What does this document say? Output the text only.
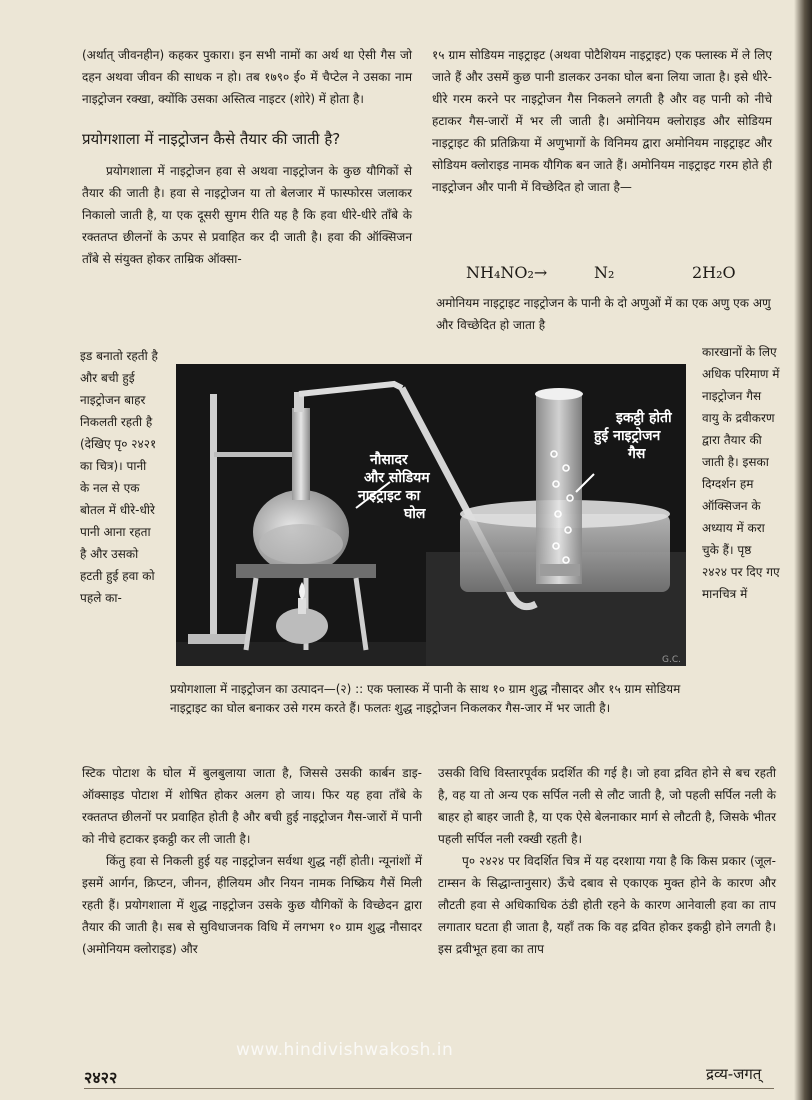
(अर्थात् जीवनहीन) कहकर पुकारा। इन सभी नामों का अर्थ था ऐसी गैस जो दहन अथवा जीवन की साधक न हो। तब १७९० ई० में चैप्टेल ने उसका नाम नाइट्रोजन रक्खा, क्योंकि उसका अस्तित्व नाइटर (शोरे) में होता है।

प्रयोगशाला में नाइट्रोजन कैसे तैयार की जाती है?

प्रयोगशाला में नाइट्रोजन हवा से अथवा नाइट्रोजन के कुछ यौगिकों से तैयार की जाती है। हवा से नाइट्रोजन या तो बेलजार में फास्फोरस जलाकर निकालो जाती है, या एक दूसरी सुगम रीति यह है कि हवा धीरे-धीरे ताँबे के रक्ततप्त छीलनों के ऊपर से प्रवाहित कर दी जाती है। हवा की ऑक्सिजन ताँबे से संयुक्त होकर ताम्रिक ऑक्सा-

१५ ग्राम सोडियम नाइट्राइट (अथवा पोटैशियम नाइट्राइट) एक फ्लास्क में ले लिए जाते हैं और उसमें कुछ पानी डालकर उनका घोल बना लिया जाता है। इसे धीरे-धीरे गरम करने पर नाइट्रोजन गैस निकलने लगती है और वह पानी को नीचे हटाकर गैस-जारों में भर ली जाती है। अमोनियम क्लोराइड और सोडियम नाइट्राइट की प्रतिक्रिया में अणुभागों के विनिमय द्वारा अमोनियम नाइट्राइट और सोडियम क्लोराइड नामक यौगिक बन जाते हैं। अमोनियम नाइट्राइट गरम होते ही नाइट्रोजन और पानी में विच्छेदित हो जाता है—

NH₄NO₂→	N₂	2H₂O
अमोनियम नाइट्राइट नाइट्रोजन के पानी के दो अणुओं में का एक अणु एक अणु और विच्छेदित हो जाता है

इड बनातो रहती है और बची हुई नाइट्रोजन बाहर निकलती रहती है (देखिए पृ० २४२१ का चित्र)। पानी के नल से एक बोतल में धीरे-धीरे पानी आना रहता है और उसको हटती हुई हवा को पहले का-

कारखानों के लिए अधिक परिमाण में नाइट्रोजन गैस वायु के द्रवीकरण द्वारा तैयार की जाती है। इसका दिग्दर्शन हम ऑक्सिजन के अध्याय में करा चुके हैं। पृष्ठ २४२४ पर दिए गए मानचित्र में

नौसादर और सोडियम नाइट्राइट का घोल
इकट्ठी होती हुई नाइट्रोजन गैस
G.C.
प्रयोगशाला में नाइट्रोजन का उत्पादन—(२) :: एक फ्लास्क में पानी के साथ १० ग्राम शुद्ध नौसादर और १५ ग्राम सोडियम नाइट्राइट का घोल बनाकर उसे गरम करते हैं। फलतः शुद्ध नाइट्रोजन निकलकर गैस-जार में भर जाती है।

स्टिक पोटाश के घोल में बुलबुलाया जाता है, जिससे उसकी कार्बन डाइ-ऑक्साइड पोटाश में शोषित होकर अलग हो जाय। फिर यह हवा ताँबे के रक्ततप्त छीलनों पर प्रवाहित होती है और बची हुई नाइट्रोजन गैस-जारों में पानी को नीचे हटाकर इकट्ठी कर ली जाती है।

किंतु हवा से निकली हुई यह नाइट्रोजन सर्वथा शुद्ध नहीं होती। न्यूनांशों में इसमें आर्गन, क्रिप्टन, जीनन, हीलियम और नियन नामक निष्क्रिय गैसें मिली रहती हैं। प्रयोगशाला में शुद्ध नाइट्रोजन उसके कुछ यौगिकों के विच्छेदन द्वारा तैयार की जाती है। सब से सुविधाजनक विधि में लगभग १० ग्राम शुद्ध नौसादर (अमोनियम क्लोराइड) और

उसकी विधि विस्तारपूर्वक प्रदर्शित की गई है। जो हवा द्रवित होने से बच रहती है, वह या तो अन्य एक सर्पिल नली से लौट जाती है, जो पहली सर्पिल नली के बाहर हो बाहर जाती है, या एक ऐसे बेलनाकार मार्ग से लौटती है, जिसके भीतर पहली सर्पिल नली रक्खी रहती है।

पृ० २४२४ पर विदर्शित चित्र में यह दरशाया गया है कि किस प्रकार (जूल-टाम्सन के सिद्धान्तानुसार) ऊँचे दबाव से एकाएक मुक्त होने के कारण और लौटती हवा से अधिकाधिक ठंडी होती रहने के कारण आनेवाली हवा का ताप लगातार घटता ही जाता है, यहाँ तक कि वह द्रवित होकर इकट्ठी होने लगती है। इस द्रवीभूत हवा का ताप

www.hindivishwakosh.in
२४२२	द्रव्य-जगत्
